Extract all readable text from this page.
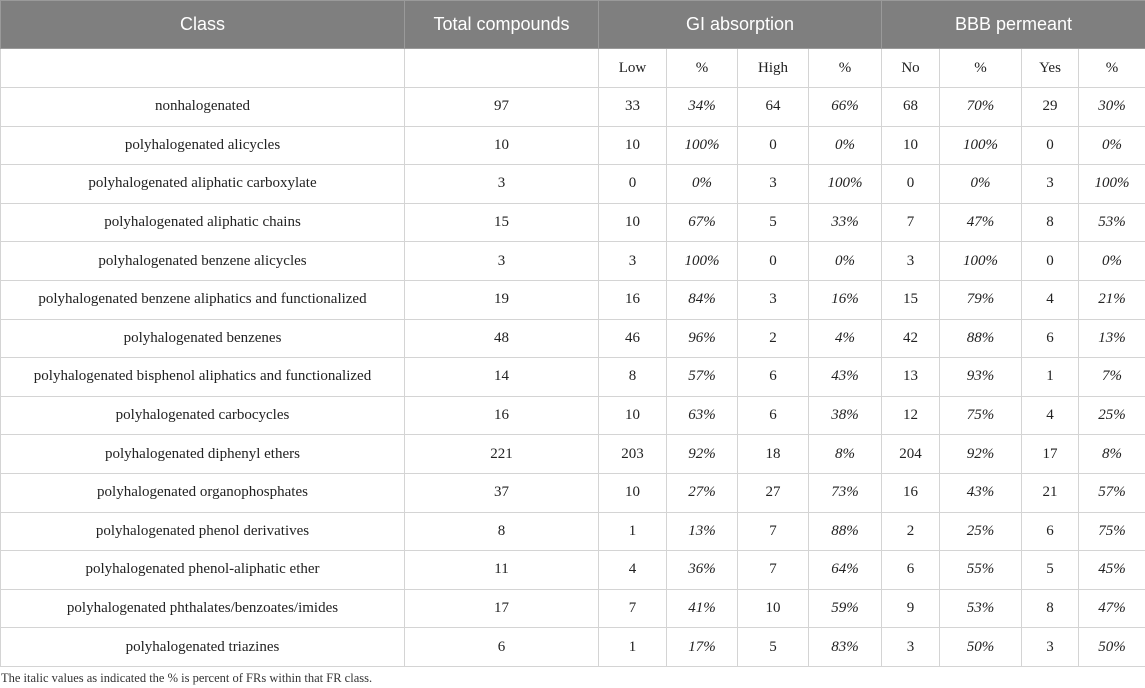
Class	Total compounds	GI absorption				BBB permeant			
		Low	%	High	%	No	%	Yes	%
nonhalogenated	97	33	34%	64	66%	68	70%	29	30%
polyhalogenated alicycles	10	10	100%	0	0%	10	100%	0	0%
polyhalogenated aliphatic carboxylate	3	0	0%	3	100%	0	0%	3	100%
polyhalogenated aliphatic chains	15	10	67%	5	33%	7	47%	8	53%
polyhalogenated benzene alicycles	3	3	100%	0	0%	3	100%	0	0%
polyhalogenated benzene aliphatics and functionalized	19	16	84%	3	16%	15	79%	4	21%
polyhalogenated benzenes	48	46	96%	2	4%	42	88%	6	13%
polyhalogenated bisphenol aliphatics and functionalized	14	8	57%	6	43%	13	93%	1	7%
polyhalogenated carbocycles	16	10	63%	6	38%	12	75%	4	25%
polyhalogenated diphenyl ethers	221	203	92%	18	8%	204	92%	17	8%
polyhalogenated organophosphates	37	10	27%	27	73%	16	43%	21	57%
polyhalogenated phenol derivatives	8	1	13%	7	88%	2	25%	6	75%
polyhalogenated phenol-aliphatic ether	11	4	36%	7	64%	6	55%	5	45%
polyhalogenated phthalates/benzoates/imides	17	7	41%	10	59%	9	53%	8	47%
polyhalogenated triazines	6	1	17%	5	83%	3	50%	3	50%
The italic values as indicated the % is percent of FRs within that FR class.
